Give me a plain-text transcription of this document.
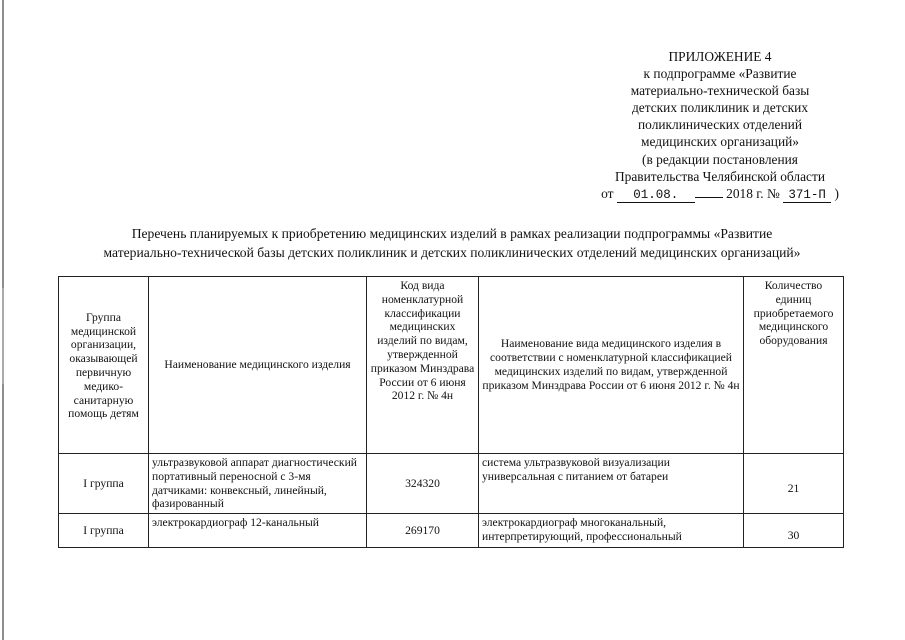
ПРИЛОЖЕНИЕ 4
к подпрограмме «Развитие
материально-технической базы
детских поликлиник и детских
поликлинических отделений
медицинских организаций»
(в редакции постановления
Правительства Челябинской области
от 01.08.	2018 г. № 371-П )
Перечень планируемых к приобретению медицинских изделий в рамках реализации подпрограммы «Развитие
материально-технической базы детских поликлиник и детских поликлинических отделений медицинских организаций»
Группа медицинской организации, оказывающей первичную медико-санитарную помощь детям	Наименование медицинского изделия	Код вида номенклатурной классификации медицинских изделий по видам, утвержденной приказом Минздрава России от 6 июня 2012 г. № 4н	Наименование вида медицинского изделия в соответствии с номенклатурной классификацией медицинских изделий по видам, утвержденной приказом Минздрава России от 6 июня 2012 г. № 4н	Количество единиц приобретаемого медицинского оборудования
I группа	ультразвуковой аппарат диагностический портативный переносной с 3-мя датчиками: конвексный, линейный, фазированный	324320	система ультразвуковой визуализации универсальная с питанием от батареи	21
I группа	электрокардиограф 12-канальный	269170	электрокардиограф многоканальный, интерпретирующий, профессиональный	30
